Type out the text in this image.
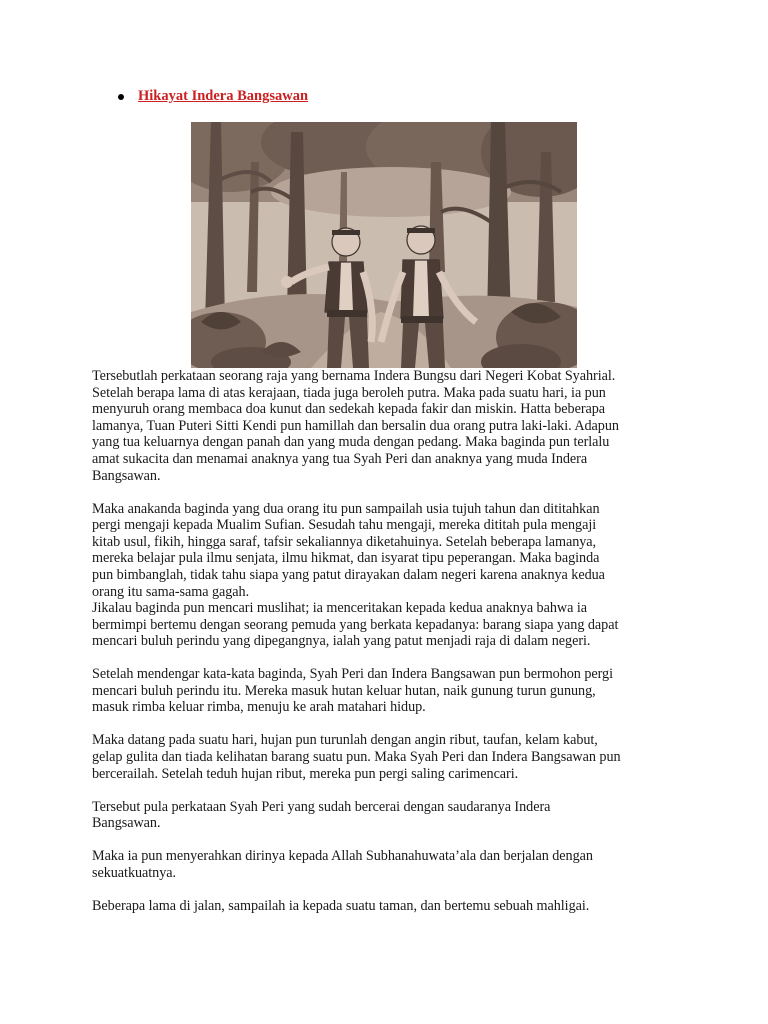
Hikayat Indera Bangsawan
Tersebutlah perkataan seorang raja yang bernama Indera Bungsu dari Negeri Kobat Syahrial.
Setelah berapa lama di atas kerajaan, tiada juga beroleh putra. Maka pada suatu hari, ia pun
menyuruh orang membaca doa kunut dan sedekah kepada fakir dan miskin. Hatta beberapa
lamanya, Tuan Puteri Sitti Kendi pun hamillah dan bersalin dua orang putra laki-laki. Adapun
yang tua keluarnya dengan panah dan yang muda dengan pedang. Maka baginda pun terlalu
amat sukacita dan menamai anaknya yang tua Syah Peri dan anaknya yang muda Indera
Bangsawan.
Maka anakanda baginda yang dua orang itu pun sampailah usia tujuh tahun dan dititahkan
pergi mengaji kepada Mualim Sufian. Sesudah tahu mengaji, mereka dititah pula mengaji
kitab usul, fikih, hingga saraf, tafsir sekaliannya diketahuinya. Setelah beberapa lamanya,
mereka belajar pula ilmu senjata, ilmu hikmat, dan isyarat tipu peperangan. Maka baginda
pun bimbanglah, tidak tahu siapa yang patut dirayakan dalam negeri karena anaknya kedua
orang itu sama-sama gagah.
Jikalau baginda pun mencari muslihat; ia menceritakan kepada kedua anaknya bahwa ia
bermimpi bertemu dengan seorang pemuda yang berkata kepadanya: barang siapa yang dapat
mencari buluh perindu yang dipegangnya, ialah yang patut menjadi raja di dalam negeri.
Setelah mendengar kata-kata baginda, Syah Peri dan Indera Bangsawan pun bermohon pergi
mencari buluh perindu itu. Mereka masuk hutan keluar hutan, naik gunung turun gunung,
masuk rimba keluar rimba, menuju ke arah matahari hidup.
Maka datang pada suatu hari, hujan pun turunlah dengan angin ribut, taufan, kelam kabut,
gelap gulita dan tiada kelihatan barang suatu pun. Maka Syah Peri dan Indera Bangsawan pun
bercerailah. Setelah teduh hujan ribut, mereka pun pergi saling carimencari.
Tersebut pula perkataan Syah Peri yang sudah bercerai dengan saudaranya Indera
Bangsawan.
Maka ia pun menyerahkan dirinya kepada Allah Subhanahuwata’ala dan berjalan dengan
sekuatkuatnya.
Beberapa lama di jalan, sampailah ia kepada suatu taman, dan bertemu sebuah mahligai.
